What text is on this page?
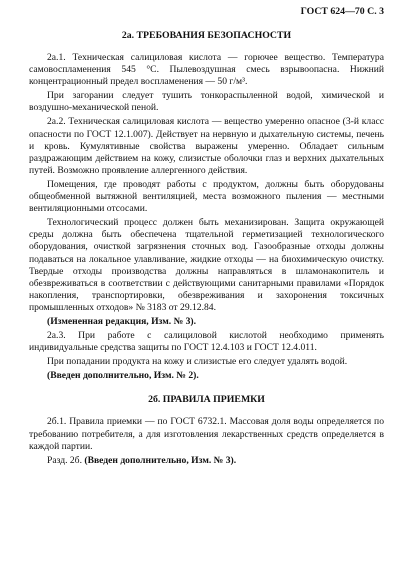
ГОСТ 624—70 С. 3
2а. ТРЕБОВАНИЯ БЕЗОПАСНОСТИ

2а.1. Техническая салициловая кислота — горючее вещество. Температура самовоспламенения 545 °С. Пылевоздушная смесь взрывоопасна. Нижний концентрационный предел воспламенения — 50 г/м³.

При загорании следует тушить тонкораспыленной водой, химической и воздушно-механической пеной.

2а.2. Техническая салициловая кислота — вещество умеренно опасное (3-й класс опасности по ГОСТ 12.1.007). Действует на нервную и дыхательную системы, печень и кровь. Кумулятивные свойства выражены умеренно. Обладает сильным раздражающим действием на кожу, слизистые оболочки глаз и верхних дыхательных путей. Возможно проявление аллергенного действия.

Помещения, где проводят работы с продуктом, должны быть оборудованы общеобменной вытяжной вентиляцией, места возможного пыления — местными вентиляционными отсосами.

Технологический процесс должен быть механизирован. Защита окружающей среды должна быть обеспечена тщательной герметизацией технологического оборудования, очисткой загрязнения сточных вод. Газообразные отходы должны подаваться на локальное улавливание, жидкие отходы — на биохимическую очистку. Твердые отходы производства должны направляться в шламонакопитель и обезвреживаться в соответствии с действующими санитарными правилами «Порядок накопления, транспортировки, обезвреживания и захоронения токсичных промышленных отходов» № 3183 от 29.12.84.

(Измененная редакция, Изм. № 3).

2а.3. При работе с салициловой кислотой необходимо применять индивидуальные средства защиты по ГОСТ 12.4.103 и ГОСТ 12.4.011.

При попадании продукта на кожу и слизистые его следует удалять водой.

(Введен дополнительно, Изм. № 2).

2б. ПРАВИЛА ПРИЕМКИ

2б.1. Правила приемки — по ГОСТ 6732.1. Массовая доля воды определяется по требованию потребителя, а для изготовления лекарственных средств определяется в каждой партии.

Разд. 2б. (Введен дополнительно, Изм. № 3).
